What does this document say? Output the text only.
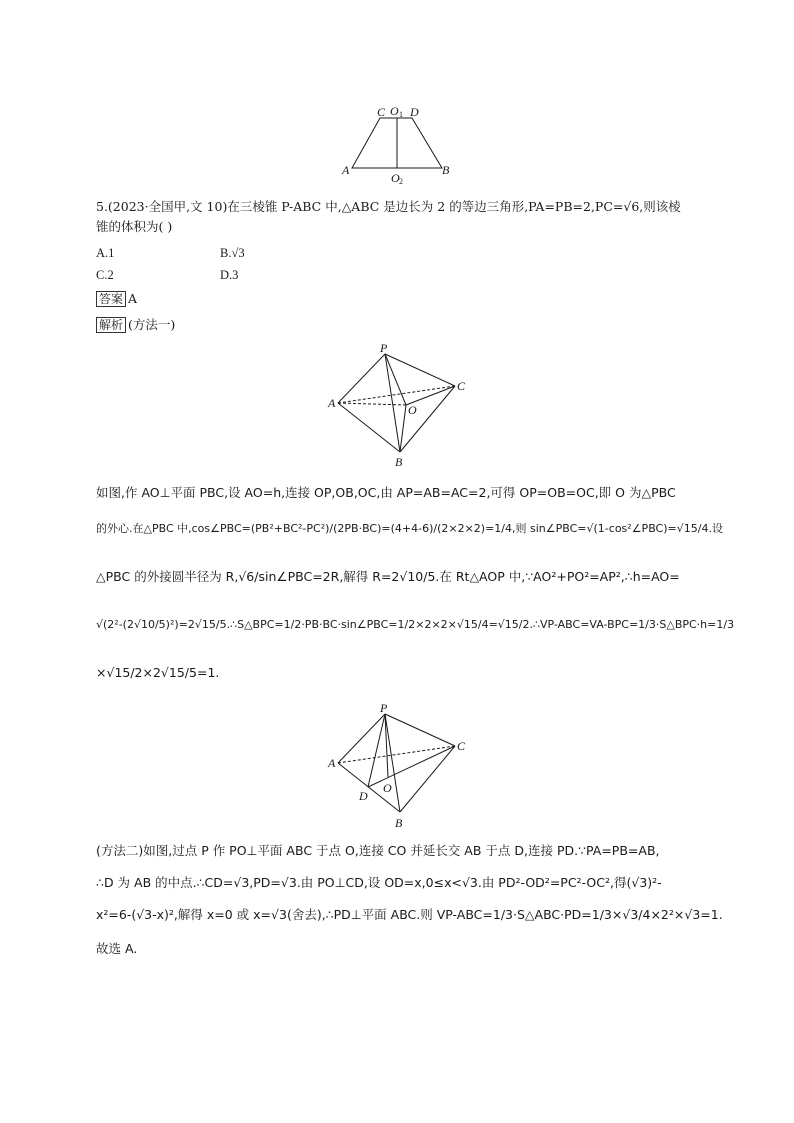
C O 1 D
A	B
O 2
5.(2023·全国甲,文 10)在三棱锥 P-ABC 中,△ABC 是边长为 2 的等边三角形,PA=PB=2,PC=√6,则该棱
锥的体积为( )
A.1	B.√3
C.2	D.3
答案 A
解析 (方法一)
P
A
C
O
B
如图,作 AO⊥平面 PBC,设 AO=h,连接 OP,OB,OC,由 AP=AB=AC=2,可得 OP=OB=OC,即 O 为△PBC
的外心.在△PBC 中,cos∠PBC=(PB²+BC²-PC²)/(2PB·BC)=(4+4-6)/(2×2×2)=1/4,则 sin∠PBC=√(1-cos²∠PBC)=√15/4.设
△PBC 的外接圆半径为 R,√6/sin∠PBC=2R,解得 R=2√10/5.在 Rt△AOP 中,∵AO²+PO²=AP²,∴h=AO=
√(2²-(2√10/5)²)=2√15/5.∴S△BPC=1/2·PB·BC·sin∠PBC=1/2×2×2×√15/4=√15/2.∴VP-ABC=VA-BPC=1/3·S△BPC·h=1/3
×√15/2×2√15/5=1.
P
A
C
D
O
B
(方法二)如图,过点 P 作 PO⊥平面 ABC 于点 O,连接 CO 并延长交 AB 于点 D,连接 PD.∵PA=PB=AB,
∴D 为 AB 的中点.∴CD=√3,PD=√3.由 PO⊥CD,设 OD=x,0≤x<√3.由 PD²-OD²=PC²-OC²,得(√3)²-
x²=6-(√3-x)²,解得 x=0 或 x=√3(舍去),∴PD⊥平面 ABC.则 VP-ABC=1/3·S△ABC·PD=1/3×√3/4×2²×√3=1.
故选 A.
